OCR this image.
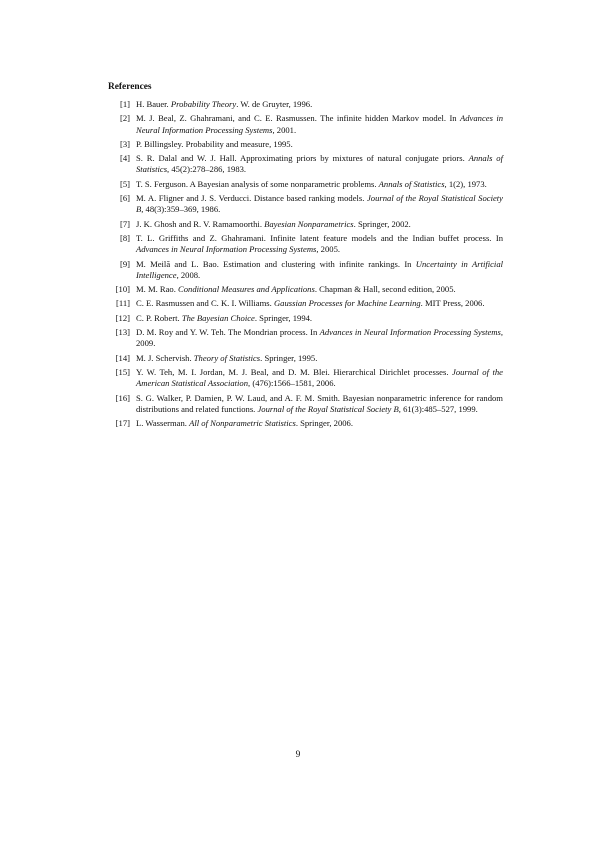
References
[1] H. Bauer. Probability Theory. W. de Gruyter, 1996.
[2] M. J. Beal, Z. Ghahramani, and C. E. Rasmussen. The infinite hidden Markov model. In Advances in Neural Information Processing Systems, 2001.
[3] P. Billingsley. Probability and measure, 1995.
[4] S. R. Dalal and W. J. Hall. Approximating priors by mixtures of natural conjugate priors. Annals of Statistics, 45(2):278–286, 1983.
[5] T. S. Ferguson. A Bayesian analysis of some nonparametric problems. Annals of Statistics, 1(2), 1973.
[6] M. A. Fligner and J. S. Verducci. Distance based ranking models. Journal of the Royal Statistical Society B, 48(3):359–369, 1986.
[7] J. K. Ghosh and R. V. Ramamoorthi. Bayesian Nonparametrics. Springer, 2002.
[8] T. L. Griffiths and Z. Ghahramani. Infinite latent feature models and the Indian buffet process. In Advances in Neural Information Processing Systems, 2005.
[9] M. Meilă and L. Bao. Estimation and clustering with infinite rankings. In Uncertainty in Artificial Intelligence, 2008.
[10] M. M. Rao. Conditional Measures and Applications. Chapman & Hall, second edition, 2005.
[11] C. E. Rasmussen and C. K. I. Williams. Gaussian Processes for Machine Learning. MIT Press, 2006.
[12] C. P. Robert. The Bayesian Choice. Springer, 1994.
[13] D. M. Roy and Y. W. Teh. The Mondrian process. In Advances in Neural Information Processing Systems, 2009.
[14] M. J. Schervish. Theory of Statistics. Springer, 1995.
[15] Y. W. Teh, M. I. Jordan, M. J. Beal, and D. M. Blei. Hierarchical Dirichlet processes. Journal of the American Statistical Association, (476):1566–1581, 2006.
[16] S. G. Walker, P. Damien, P. W. Laud, and A. F. M. Smith. Bayesian nonparametric inference for random distributions and related functions. Journal of the Royal Statistical Society B, 61(3):485–527, 1999.
[17] L. Wasserman. All of Nonparametric Statistics. Springer, 2006.
9
